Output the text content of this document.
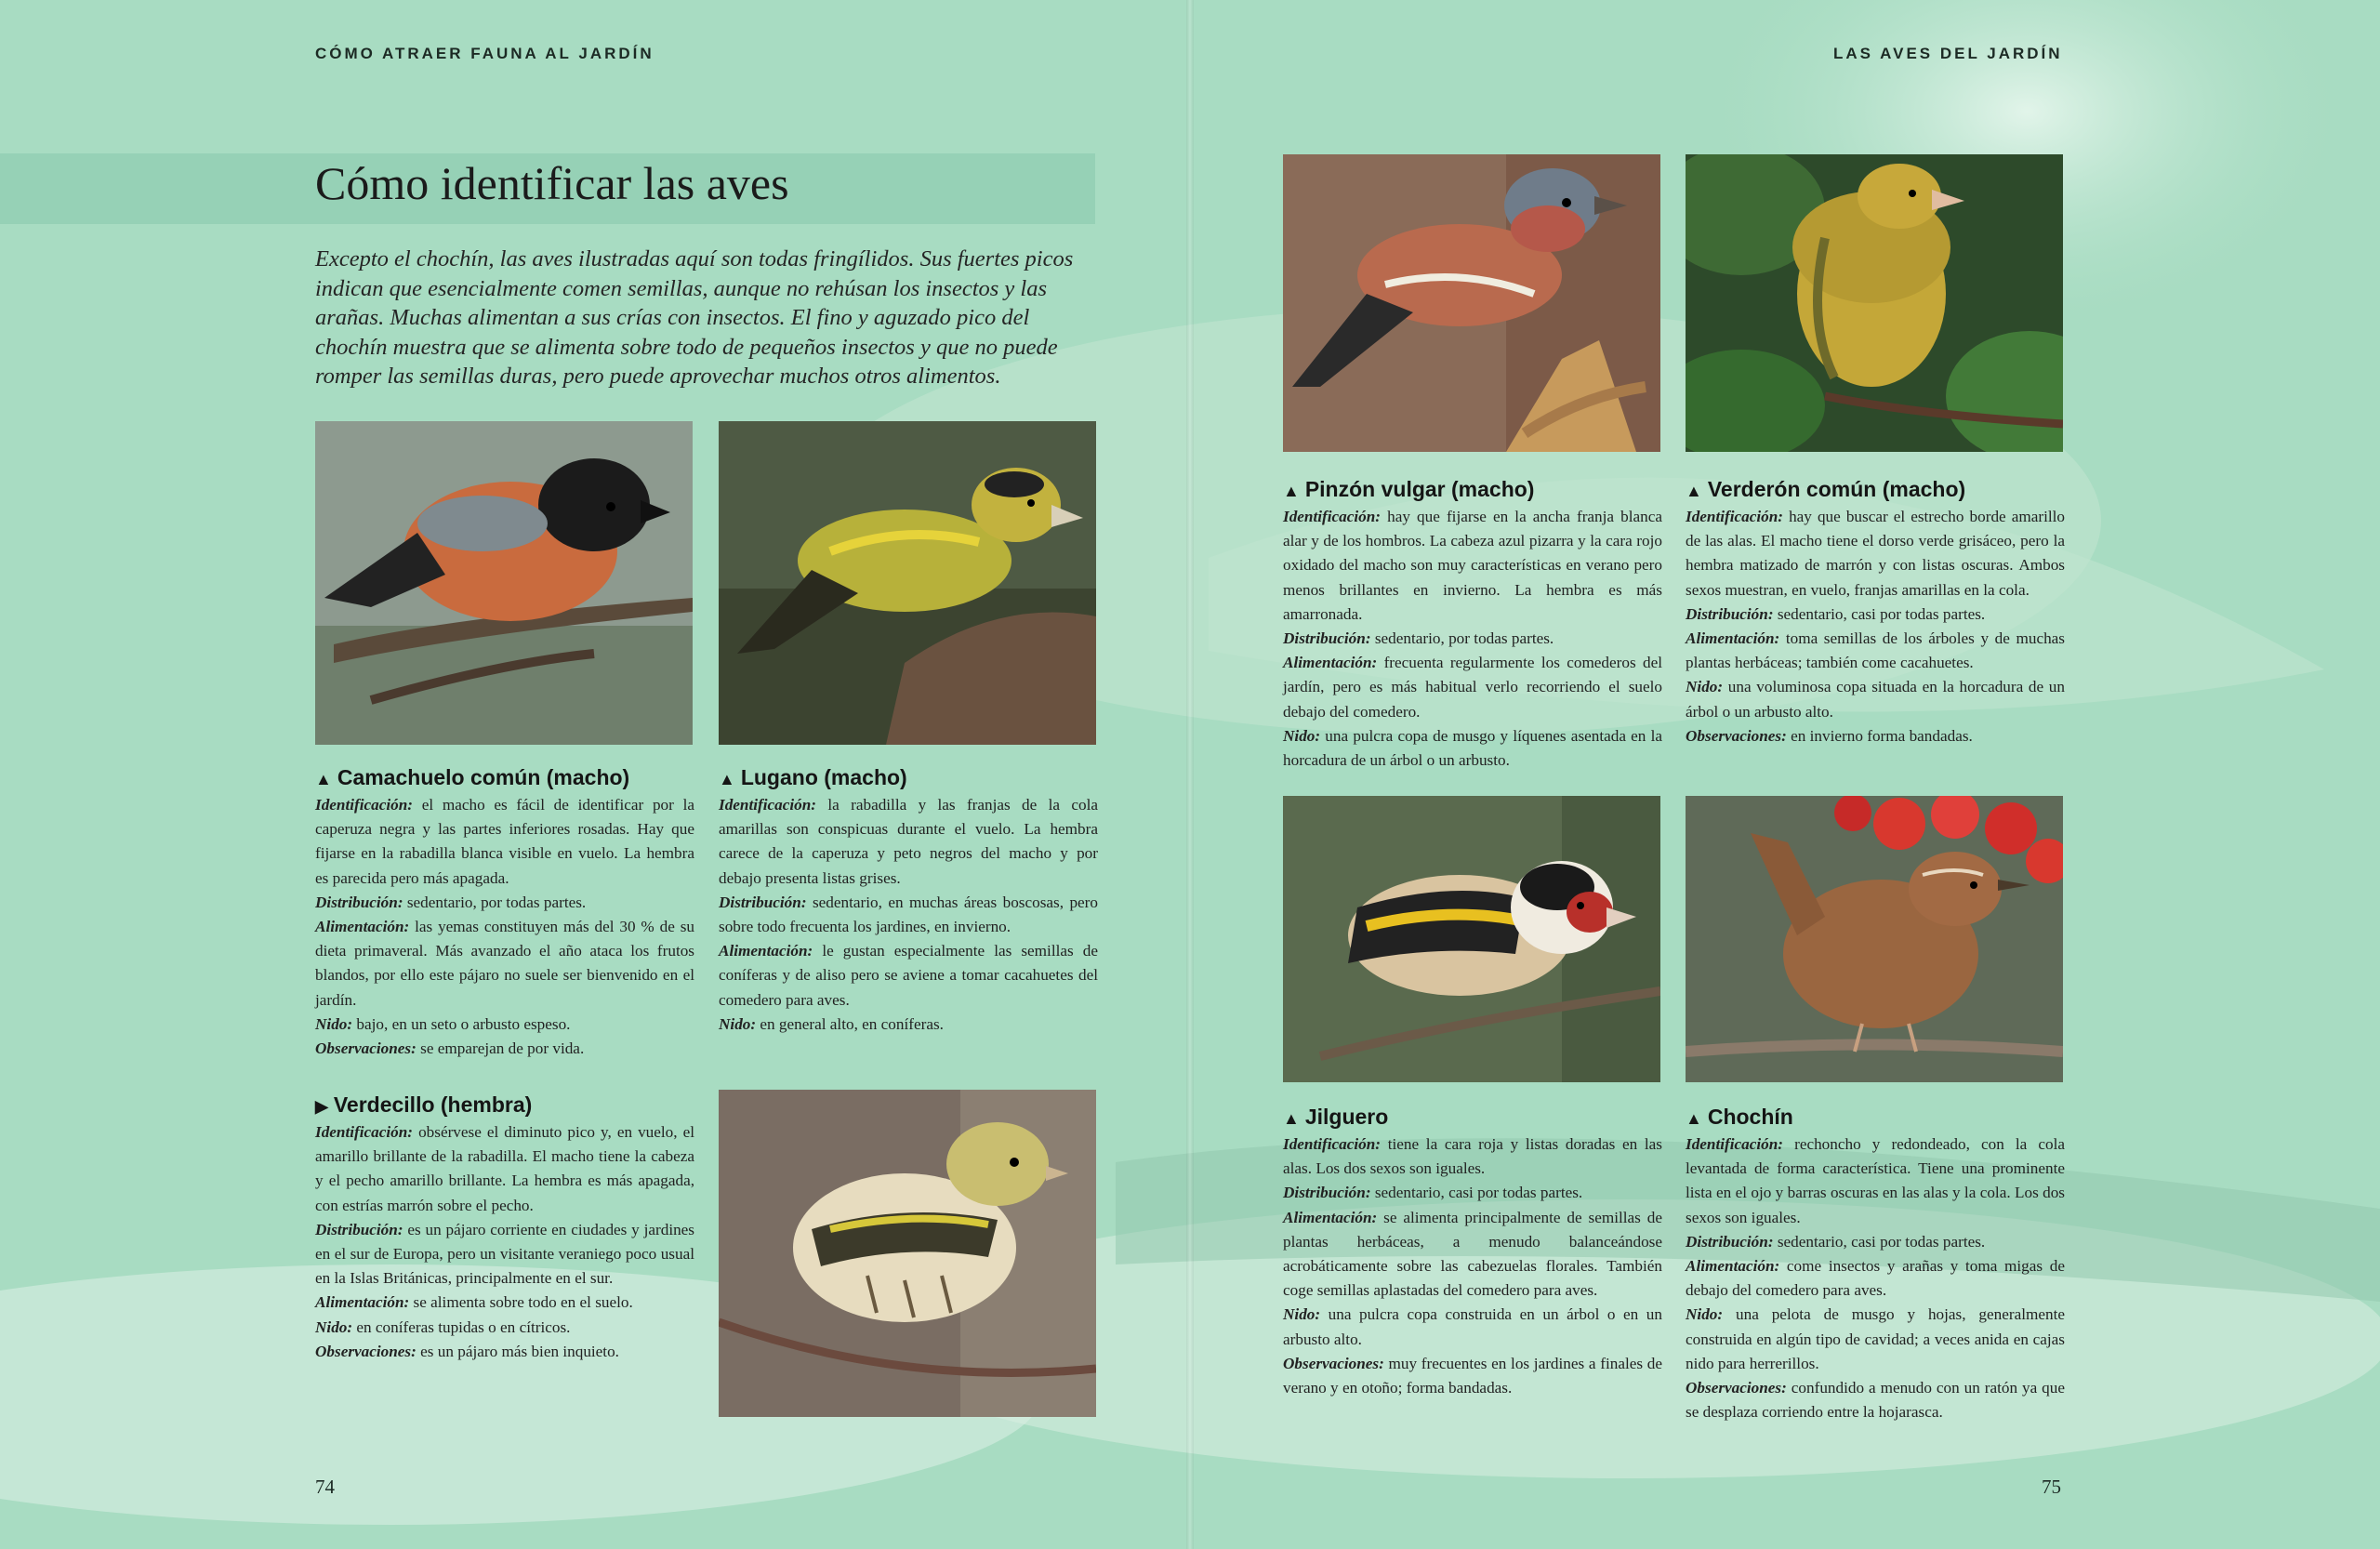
CÓMO ATRAER FAUNA AL JARDÍN	LAS AVES DEL JARDÍN
Cómo identificar las aves
Excepto el chochín, las aves ilustradas aquí son todas fringílidos. Sus fuertes picos indican que esencialmente comen semillas, aunque no rehúsan los insectos y las arañas. Muchas alimentan a sus crías con insectos. El fino y aguzado pico del chochín muestra que se alimenta sobre todo de pequeños insectos y que no puede romper las semillas duras, pero puede aprovechar muchos otros alimentos.
▲ Camachuelo común (macho)

Identificación: el macho es fácil de identificar por la caperuza negra y las partes inferiores rosadas. Hay que fijarse en la rabadilla blanca visible en vuelo. La hembra es parecida pero más apagada.
Distribución: sedentario, por todas partes.
Alimentación: las yemas constituyen más del 30 % de su dieta primaveral. Más avanzado el año ataca los frutos blandos, por ello este pájaro no suele ser bienvenido en el jardín.
Nido: bajo, en un seto o arbusto espeso.
Observaciones: se emparejan de por vida.

▲ Lugano (macho)

Identificación: la rabadilla y las franjas de la cola amarillas son conspicuas durante el vuelo. La hembra carece de la caperuza y peto negros del macho y por debajo presenta listas grises.
Distribución: sedentario, en muchas áreas boscosas, pero sobre todo frecuenta los jardines, en invierno.
Alimentación: le gustan especialmente las semillas de coníferas y de aliso pero se aviene a tomar cacahuetes del comedero para aves.
Nido: en general alto, en coníferas.

▶ Verdecillo (hembra)

Identificación: obsérvese el diminuto pico y, en vuelo, el amarillo brillante de la rabadilla. El macho tiene la cabeza y el pecho amarillo brillante. La hembra es más apagada, con estrías marrón sobre el pecho.
Distribución: es un pájaro corriente en ciudades y jardines en el sur de Europa, pero un visitante veraniego poco usual en la Islas Británicas, principalmente en el sur.
Alimentación: se alimenta sobre todo en el suelo.
Nido: en coníferas tupidas o en cítricos.
Observaciones: es un pájaro más bien inquieto.

74
▲ Pinzón vulgar (macho)

Identificación: hay que fijarse en la ancha franja blanca alar y de los hombros. La cabeza azul pizarra y la cara rojo oxidado del macho son muy características en verano pero menos brillantes en invierno. La hembra es más amarronada.
Distribución: sedentario, por todas partes.
Alimentación: frecuenta regularmente los comederos del jardín, pero es más habitual verlo recorriendo el suelo debajo del comedero.
Nido: una pulcra copa de musgo y líquenes asentada en la horcadura de un árbol o un arbusto.

▲ Verderón común (macho)

Identificación: hay que buscar el estrecho borde amarillo de las alas. El macho tiene el dorso verde grisáceo, pero la hembra matizado de marrón y con listas oscuras. Ambos sexos muestran, en vuelo, franjas amarillas en la cola.
Distribución: sedentario, casi por todas partes.
Alimentación: toma semillas de los árboles y de muchas plantas herbáceas; también come cacahuetes.
Nido: una voluminosa copa situada en la horcadura de un árbol o un arbusto alto.
Observaciones: en invierno forma bandadas.

▲ Jilguero

Identificación: tiene la cara roja y listas doradas en las alas. Los dos sexos son iguales.
Distribución: sedentario, casi por todas partes.
Alimentación: se alimenta principalmente de semillas de plantas herbáceas, a menudo balanceándose acrobáticamente sobre las cabezuelas florales. También coge semillas aplastadas del comedero para aves.
Nido: una pulcra copa construida en un árbol o en un arbusto alto.
Observaciones: muy frecuentes en los jardines a finales de verano y en otoño; forma bandadas.

▲ Chochín

Identificación: rechoncho y redondeado, con la cola levantada de forma característica. Tiene una prominente lista en el ojo y barras oscuras en las alas y la cola. Los dos sexos son iguales.
Distribución: sedentario, casi por todas partes.
Alimentación: come insectos y arañas y toma migas de debajo del comedero para aves.
Nido: una pelota de musgo y hojas, generalmente construida en algún tipo de cavidad; a veces anida en cajas nido para herrerillos.
Observaciones: confundido a menudo con un ratón ya que se desplaza corriendo entre la hojarasca.

75
